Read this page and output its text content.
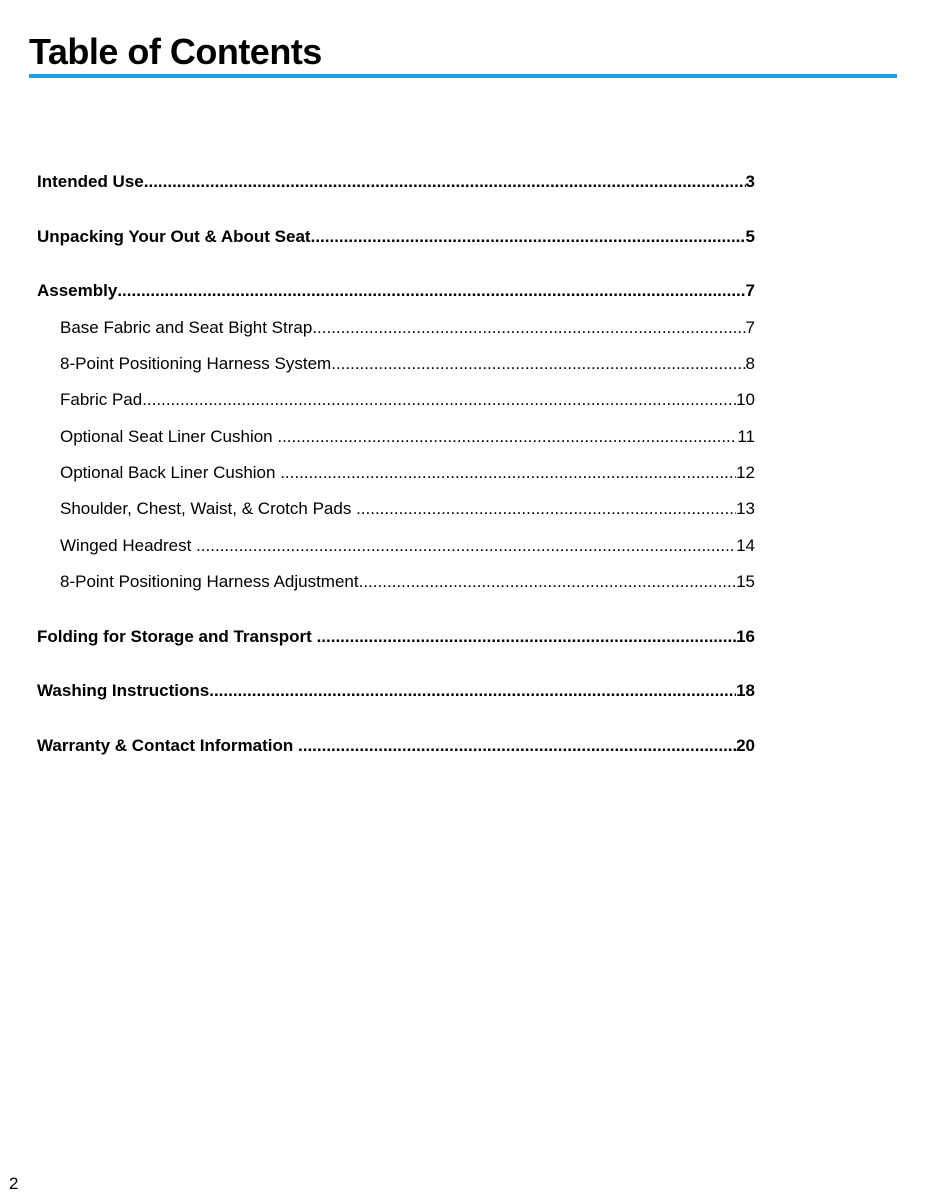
Table of Contents
Intended Use .....	3
Unpacking Your Out & About Seat .....	5
Assembly .....	7
Base Fabric and Seat Bight Strap .....	7
8-Point Positioning Harness System .....	8
Fabric Pad .....	10
Optional Seat Liner Cushion .....	11
Optional Back Liner Cushion .....	12
Shoulder, Chest, Waist, & Crotch Pads .....	13
Winged Headrest .....	14
8-Point Positioning Harness Adjustment .....	15
Folding for Storage and Transport .....	16
Washing Instructions .....	18
Warranty & Contact Information .....	20
2
